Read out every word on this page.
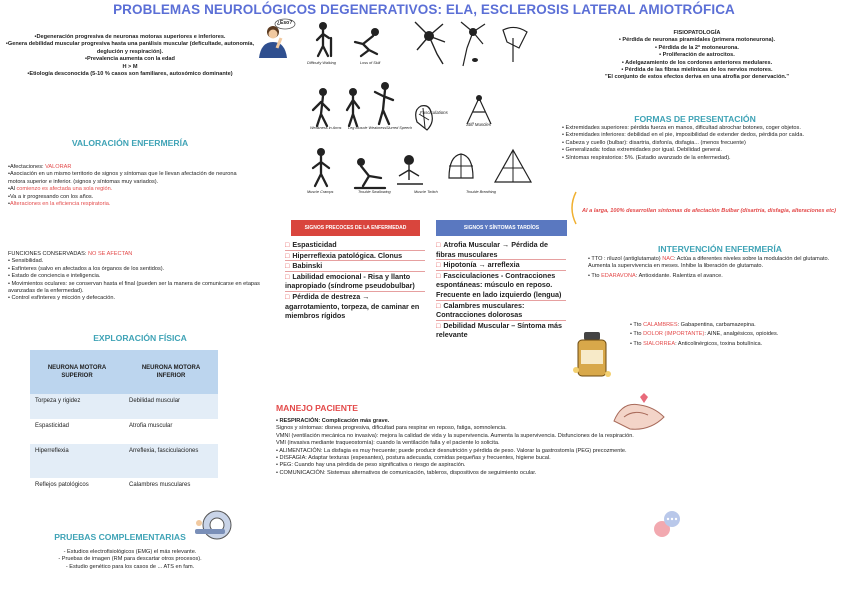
PROBLEMAS NEUROLÓGICOS DEGENERATIVOS: ELA, ESCLEROSIS LATERAL AMIOTRÓFICA
•Degeneración progresiva de neuronas motoras superiores e inferiores.
•Genera debilidad muscular progresiva hasta una parálisis muscular (deficultade, autonomía, deglución y respiración).
•Prevalencia aumenta con la edad
H > M
•Etiología desconocida (5-10 % casos son familiares, autosómico dominante)
¿Eso?
Difficulty Walking	Loss of Skill
Fasciculations
Weakness in Arms Leg Muscle Weakness Slurred Speech
Stiff Muscles
Muscle Cramps	Trouble Swallowing	Muscle Twitch	Trouble Breathing
FISIOPATOLOGÍA
• Pérdida de neuronas piramidales (primera motoneurona).
• Pérdida de la 2ª motoneurona.
• Proliferación de astrocitos.
• Adelgazamiento de los cordones anteriores medulares.
• Pérdida de las fibras mielínicas de los nervios motores.
"El conjunto de estos efectos deriva en una atrofia por denervación."
FORMAS DE PRESENTACIÓN
• Extremidades superiores: pérdida fuerza en manos, dificultad abrochar botones, coger objetos.
• Extremidades inferiores: debilidad en el pie, imposibilidad de extender dedos, pérdida por caída.
• Cabeza y cuello (bulbar): disartria, disfonía, disfagia... (menos frecuente)
• Generalizada: todas extremidades por igual. Debilidad general.
• Síntomas respiratorios: 5%. (Estadio avanzado de la enfermedad).
Al a larga, 100% desarrollan síntomas de afectación Bulbar (disartria, disfagia, alteraciones etc)
VALORACIÓN ENFERMERÍA
•Afectaciones: VALORAR
•Asociación en un mismo territorio de signos y síntomas que le llevan afectación de neurona motora superior e inferior. (signos y síntomas muy variados).
•Al comienzo es afectada una sola región.
•Va a ir progresando con los años.
•Alteraciones en la eficiencia respiratoria.
FUNCIONES CONSERVADAS: NO SE AFECTAN
• Sensibilidad.
• Esfínteres (salvo en afectados a los órganos de los sentidos).
• Estado de conciencia e inteligencia.
• Movimientos oculares: se conservan hasta el final (pueden ser la manera de comunicarse en etapas avanzadas de la enfermedad).
• Control esfínteres y micción y defecación.
EXPLORACIÓN FÍSICA
NEURONA MOTORA SUPERIOR	NEURONA MOTORA INFERIOR
Torpeza y rigidez	Debilidad muscular
Espasticidad	Atrofia muscular
Hiperreflexia	Arreflexia, fasciculaciones
Reflejos patológicos	Calambres musculares
PRUEBAS COMPLEMENTARIAS
- Estudios electrofisiológicos (EMG) el más relevante.
- Pruebas de imagen (RM para descartar otros procesos).
- Estudio genético para los casos de ... ATS en fam.
SIGNOS PRECOCES DE LA ENFERMEDAD
□ Espasticidad
□ Hiperreflexia patológica. Clonus
□ Babinski
□ Labilidad emocional - Risa y llanto inapropiado (síndrome pseudobulbar)
□ Pérdida de destreza → agarrotamiento, torpeza, de caminar en miembros rígidos
SIGNOS Y SÍNTOMAS TARDÍOS
□ Atrofia Muscular → Pérdida de fibras musculares
□ Hipotonía → arreflexia
□ Fasciculaciones - Contracciones espontáneas: músculo en reposo. Frecuente en lado izquierdo (lengua)
□ Calambres musculares: Contracciones dolorosas
□ Debilidad Muscular – Síntoma más relevante
INTERVENCIÓN ENFERMERÍA
• TTO : riluzol (antiglutamato) NAC: Actúa a diferentes niveles sobre la modulación del glutamato. Aumenta la supervivencia en meses. Inhibe la liberación de glutamato.
• Tto EDARAVONA: Antioxidante. Ralentiza el avance.
• Tto CALAMBRES: Gabapentina, carbamazepina.
• Tto DOLOR (IMPORTANTE): AINE, analgésicos, opioides.
• Tto SIALORREA: Anticolinérgicos, toxina botulínica.
MANEJO PACIENTE
• RESPIRACIÓN: Complicación más grave.
Signos y síntomas: disnea progresiva, dificultad para respirar en reposo, fatiga, somnolencia.
VMNI (ventilación mecánica no invasiva): mejora la calidad de vida y la supervivencia. Aumenta la supervivencia. Disfunciones de la respiración.
VMI (invasiva mediante traqueostomía): cuando la ventilación falla y el paciente lo solicita.
• ALIMENTACIÓN: La disfagia es muy frecuente; puede producir desnutrición y pérdida de peso. Valorar la gastrostomía (PEG) precozmente.
• DISFAGIA: Adaptar texturas (espesantes), postura adecuada, comidas pequeñas y frecuentes, higiene bucal.
• PEG: Cuando hay una pérdida de peso significativa o riesgo de aspiración.
• COMUNICACIÓN: Sistemas alternativos de comunicación, tableros, dispositivos de seguimiento ocular.
